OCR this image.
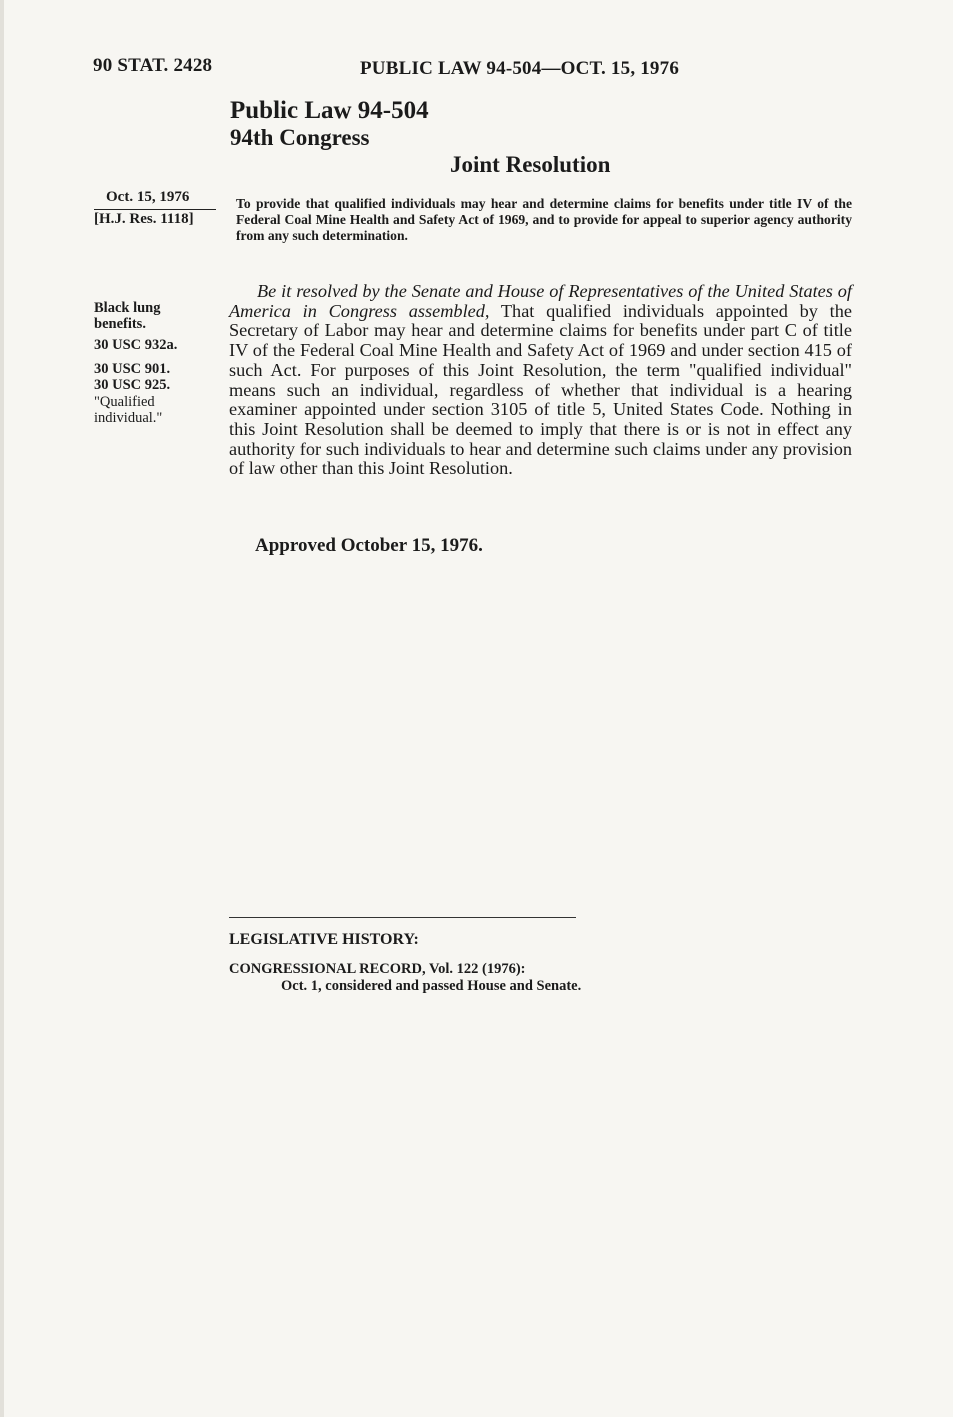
90 STAT. 2428	PUBLIC LAW 94-504—OCT. 15, 1976
Public Law 94-504
94th Congress
Joint Resolution
Oct. 15, 1976
[H.J. Res. 1118]

To provide that qualified individuals may hear and determine claims for benefits under title IV of the Federal Coal Mine Health and Safety Act of 1969, and to provide for appeal to superior agency authority from any such determination.

Black lung benefits.
30 USC 932a.
30 USC 901.
30 USC 925.
"Qualified individual."

Be it resolved by the Senate and House of Representatives of the United States of America in Congress assembled, That qualified individuals appointed by the Secretary of Labor may hear and determine claims for benefits under part C of title IV of the Federal Coal Mine Health and Safety Act of 1969 and under section 415 of such Act. For purposes of this Joint Resolution, the term "qualified individual" means such an individual, regardless of whether that individual is a hearing examiner appointed under section 3105 of title 5, United States Code. Nothing in this Joint Resolution shall be deemed to imply that there is or is not in effect any authority for such individuals to hear and determine such claims under any provision of law other than this Joint Resolution.

Approved October 15, 1976.
LEGISLATIVE HISTORY:
CONGRESSIONAL RECORD, Vol. 122 (1976):
Oct. 1, considered and passed House and Senate.
